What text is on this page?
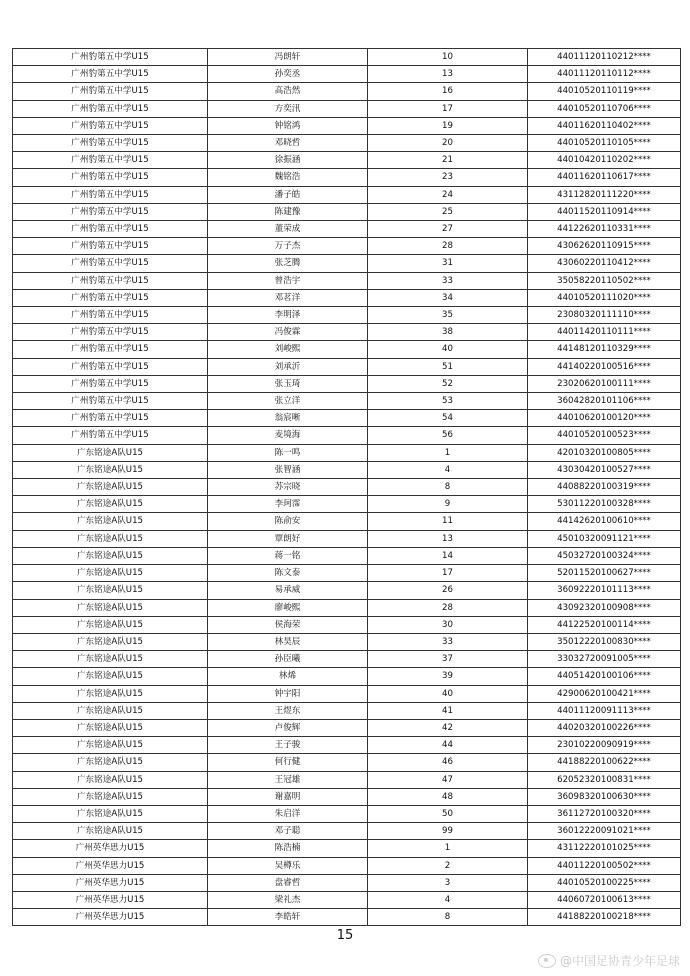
广州豹第五中学U15	冯朗轩	10	44011120110212****
广州豹第五中学U15	孙奕丞	13	44011120110112****
广州豹第五中学U15	高浩然	16	44010520110119****
广州豹第五中学U15	方奕汛	17	44010520110706****
广州豹第五中学U15	钟铭鸿	19	44011620110402****
广州豹第五中学U15	邓晓哲	20	44010520110105****
广州豹第五中学U15	徐振涵	21	44010420110202****
广州豹第五中学U15	魏铭浩	23	44011620110617****
广州豹第五中学U15	潘子皓	24	43112820111220****
广州豹第五中学U15	陈建豫	25	44011520110914****
广州豹第五中学U15	董荣成	27	44122620110331****
广州豹第五中学U15	万子杰	28	43062620110915****
广州豹第五中学U15	张芝腾	31	43060220110412****
广州豹第五中学U15	曾浩宇	33	35058220110502****
广州豹第五中学U15	邓茗洋	34	44010520111020****
广州豹第五中学U15	李明泽	35	23080320111110****
广州豹第五中学U15	冯俊霖	38	44011420110111****
广州豹第五中学U15	刘峻熙	40	44148120110329****
广州豹第五中学U15	刘承沂	51	44140220100516****
广州豹第五中学U15	张玉琦	52	23020620100111****
广州豹第五中学U15	张立洋	53	36042820101106****
广州豹第五中学U15	翁宸晰	54	44010620100120****
广州豹第五中学U15	麦境海	56	44010520100523****
广东铭途A队U15	陈一鸣	1	42010320100805****
广东铭途A队U15	张智涵	4	43030420100527****
广东铭途A队U15	苏宗晓	8	44088220100319****
广东铭途A队U15	李珂霈	9	53011220100328****
广东铭途A队U15	陈俞安	11	44142620100610****
广东铭途A队U15	覃朗好	13	45010320091121****
广东铭途A队U15	蒋一铭	14	45032720100324****
广东铭途A队U15	陈文泰	17	52011520100627****
广东铭途A队U15	易承威	26	36092220101113****
广东铭途A队U15	廖峻熙	28	43092320100908****
广东铭途A队U15	侯海荣	30	44122520100114****
广东铭途A队U15	林昊辰	33	35012220100830****
广东铭途A队U15	孙臣曦	37	33032720091005****
广东铭途A队U15	林烯	39	44051420100106****
广东铭途A队U15	钟宇阳	40	42900620100421****
广东铭途A队U15	王煜东	41	44011120091113****
广东铭途A队U15	卢俊辉	42	44020320100226****
广东铭途A队U15	王子骏	44	23010220090919****
广东铭途A队U15	何行健	46	44188220100622****
广东铭途A队U15	王冠雄	47	62052320100831****
广东铭途A队U15	谢嘉明	48	36098320100630****
广东铭途A队U15	朱启洋	50	36112720100320****
广东铭途A队U15	邓子聪	99	36012220091021****
广州英华思力U15	陈浩楠	1	43112220101025****
广州英华思力U15	吴樽乐	2	44011220100502****
广州英华思力U15	盘睿哲	3	44010520100225****
广州英华思力U15	梁礼杰	4	44060720100613****
广州英华思力U15	李皓轩	8	44188220100218****
15
@中国足协青少年足球
